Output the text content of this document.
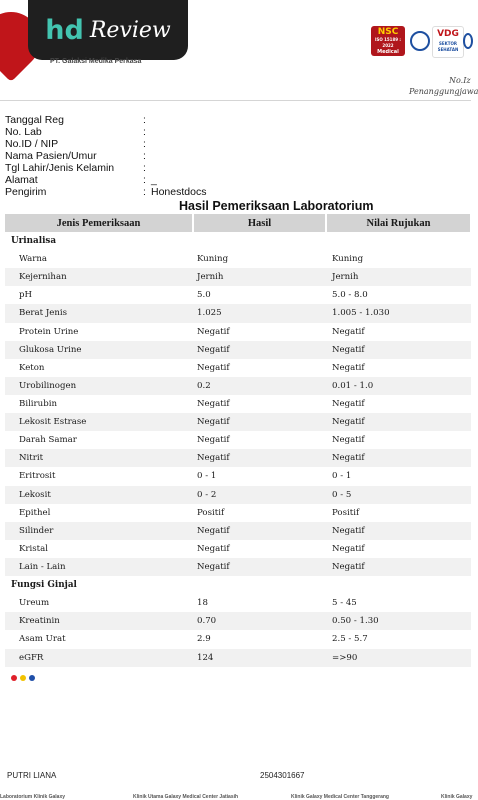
hd Review
PT. Galaksi Medika Perkasa
NSC
ISO 15189 : 2022
Medical Laboratory
VDG
SEKTOR SEHATAN
No.Iz
Penanggungjawa
Tanggal Reg	:
No. Lab	:
No.ID / NIP	:
Nama Pasien/Umur	:
Tgl Lahir/Jenis Kelamin	:
Alamat	: _
Pengirim	: Honestdocs
Hasil Pemeriksaan Laboratorium
Jenis Pemeriksaan	Hasil	Nilai Rujukan
Urinalisa		
Warna	Kuning	Kuning
Kejernihan	Jernih	Jernih
pH	5.0	5.0 - 8.0
Berat Jenis	1.025	1.005 - 1.030
Protein Urine	Negatif	Negatif
Glukosa Urine	Negatif	Negatif
Keton	Negatif	Negatif
Urobilinogen	0.2	0.01 - 1.0
Bilirubin	Negatif	Negatif
Lekosit Estrase	Negatif	Negatif
Darah Samar	Negatif	Negatif
Nitrit	Negatif	Negatif
Eritrosit	0 - 1	0 - 1
Lekosit	0 - 2	0 - 5
Epithel	Positif	Positif
Silinder	Negatif	Negatif
Kristal	Negatif	Negatif
Lain - Lain	Negatif	Negatif
Fungsi Ginjal		
Ureum	18	5 - 45
Kreatinin	0.70	0.50 - 1.30
Asam Urat	2.9	2.5 - 5.7
eGFR	124	=>90
PUTRI LIANA	2504301667
Laboratorium Klinik Galaxy	Klinik Utama Galaxy Medical Center Jatiasih	Klinik Galaxy Medical Center Tanggerang	Klinik Galaxy
